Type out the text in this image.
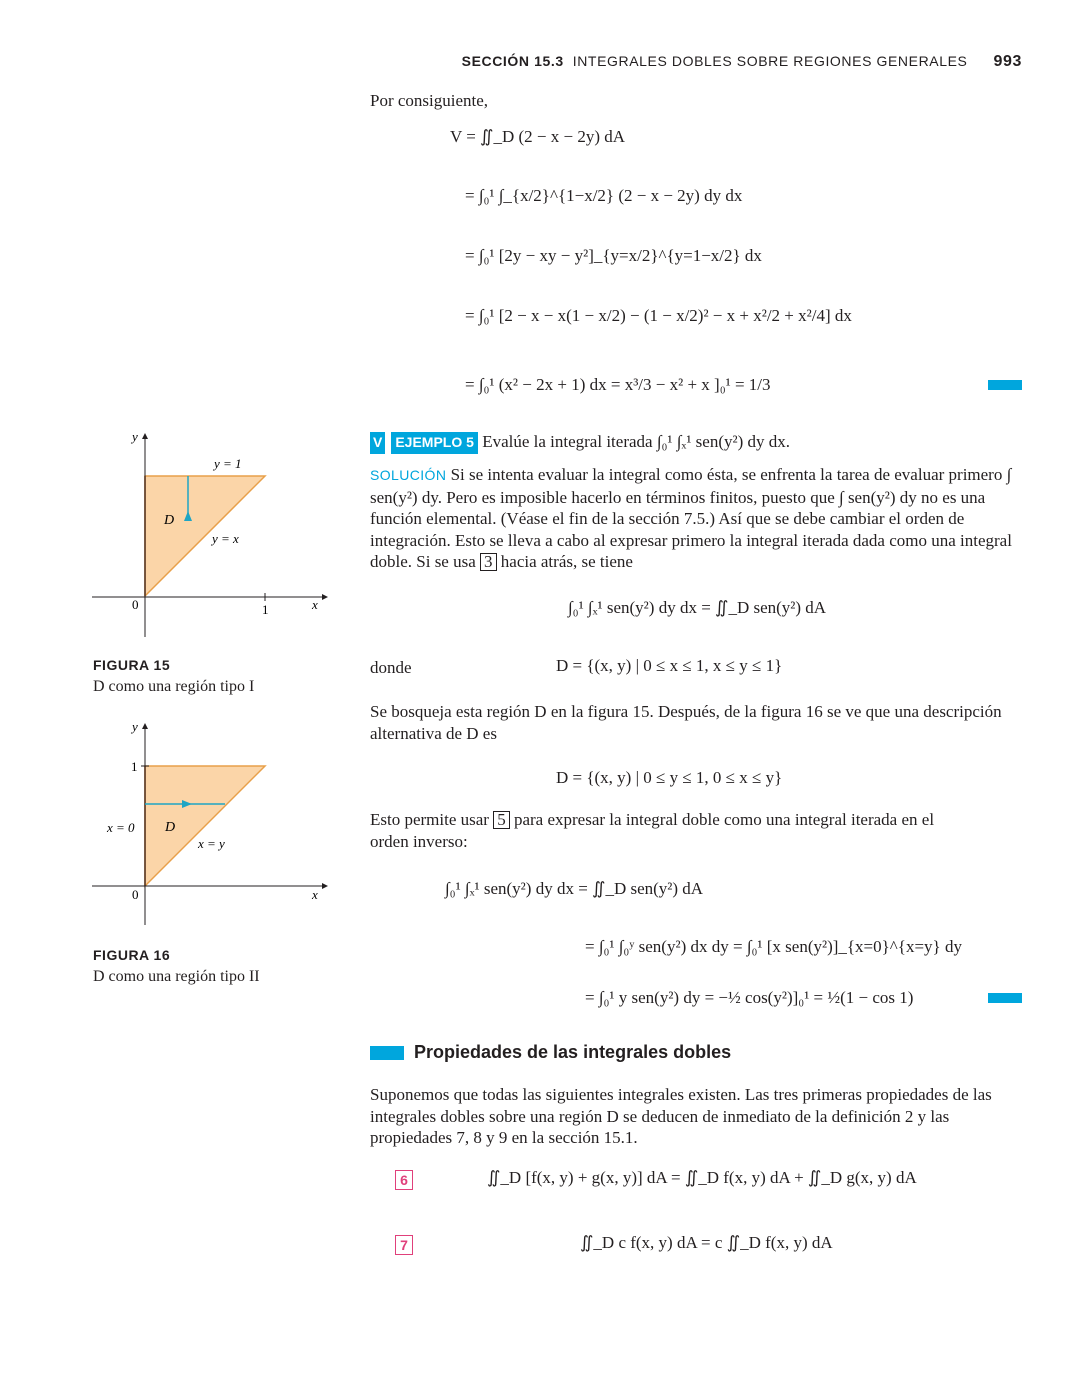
SECCIÓN 15.3 INTEGRALES DOBLES SOBRE REGIONES GENERALES 993
Por consiguiente,
V = ∬_D (2 − x − 2y) dA
= ∫₀¹ ∫_{x/2}^{1−x/2} (2 − x − 2y) dy dx
= ∫₀¹ [2y − xy − y²]_{y=x/2}^{y=1−x/2} dx
= ∫₀¹ [2 − x − x(1 − x/2) − (1 − x/2)² − x + x²/2 + x²/4] dx
= ∫₀¹ (x² − 2x + 1) dx = x³/3 − x² + x ]₀¹ = 1/3
V EJEMPLO 5 Evalúe la integral iterada ∫₀¹ ∫ₓ¹ sen(y²) dy dx.
SOLUCIÓN Si se intenta evaluar la integral como ésta, se enfrenta la tarea de evaluar primero ∫ sen(y²) dy. Pero es imposible hacerlo en términos finitos, puesto que ∫ sen(y²) dy no es una función elemental. (Véase el fin de la sección 7.5.) Así que se debe cambiar el orden de integración. Esto se lleva a cabo al expresar primero la integral iterada dada como una integral doble. Si se usa 3 hacia atrás, se tiene
∫₀¹ ∫ₓ¹ sen(y²) dy dx = ∬_D sen(y²) dA
donde	D = {(x, y) | 0 ≤ x ≤ 1, x ≤ y ≤ 1}
Se bosqueja esta región D en la figura 15. Después, de la figura 16 se ve que una descripción alternativa de D es
D = {(x, y) | 0 ≤ y ≤ 1, 0 ≤ x ≤ y}
Esto permite usar 5 para expresar la integral doble como una integral iterada en el orden inverso:
∫₀¹ ∫ₓ¹ sen(y²) dy dx = ∬_D sen(y²) dA
= ∫₀¹ ∫₀ʸ sen(y²) dx dy = ∫₀¹ [x sen(y²)]_{x=0}^{x=y} dy
= ∫₀¹ y sen(y²) dy = −½ cos(y²)]₀¹ = ½(1 − cos 1)
Propiedades de las integrales dobles
Suponemos que todas las siguientes integrales existen. Las tres primeras propiedades de las integrales dobles sobre una región D se deducen de inmediato de la definición 2 y las propiedades 7, 8 y 9 en la sección 15.1.
6	∬_D [f(x, y) + g(x, y)] dA = ∬_D f(x, y) dA + ∬_D g(x, y) dA
7	∬_D c f(x, y) dA = c ∬_D f(x, y) dA
y
x
0	1
y = 1
y = x
D
FIGURA 15
D como una región tipo I
y
x
0
1
x = 0
x = y
D
FIGURA 16
D como una región tipo II
